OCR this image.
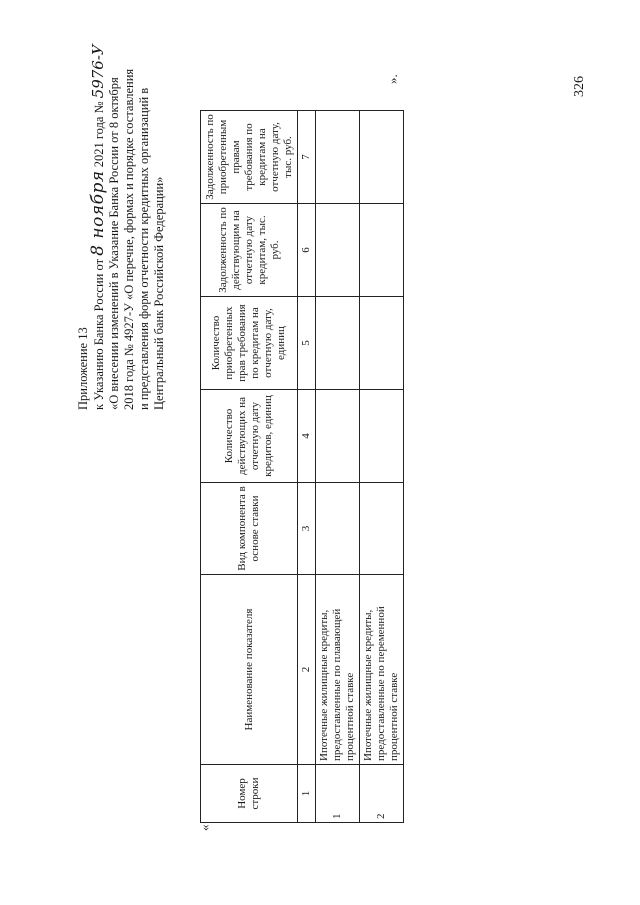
Приложение 13 к Указанию Банка России от 8 ноября 2021 года № 5976-У
«О внесении изменений в Указание Банка России от 8 октября 2018 года № 4927-У «О перечне, формах и порядке составления и представления форм отчетности кредитных организаций в Центральный банк Российской Федерации»
«
Номер строки	Наименование показателя	Вид компонента в основе ставки	Количество действующих на отчетную дату кредитов, единиц	Количество приобретенных прав требования по кредитам на отчетную дату, единиц	Задолженность по действующим на отчетную дату кредитам, тыс. руб.	Задолженность по приобретенным правам требования по кредитам на отчетную дату, тыс. руб.
1	2	3	4	5	6	7
1	Ипотечные жилищные кредиты, предоставленные по плавающей процентной ставке					
2	Ипотечные жилищные кредиты, предоставленные по переменной процентной ставке					
».	326
